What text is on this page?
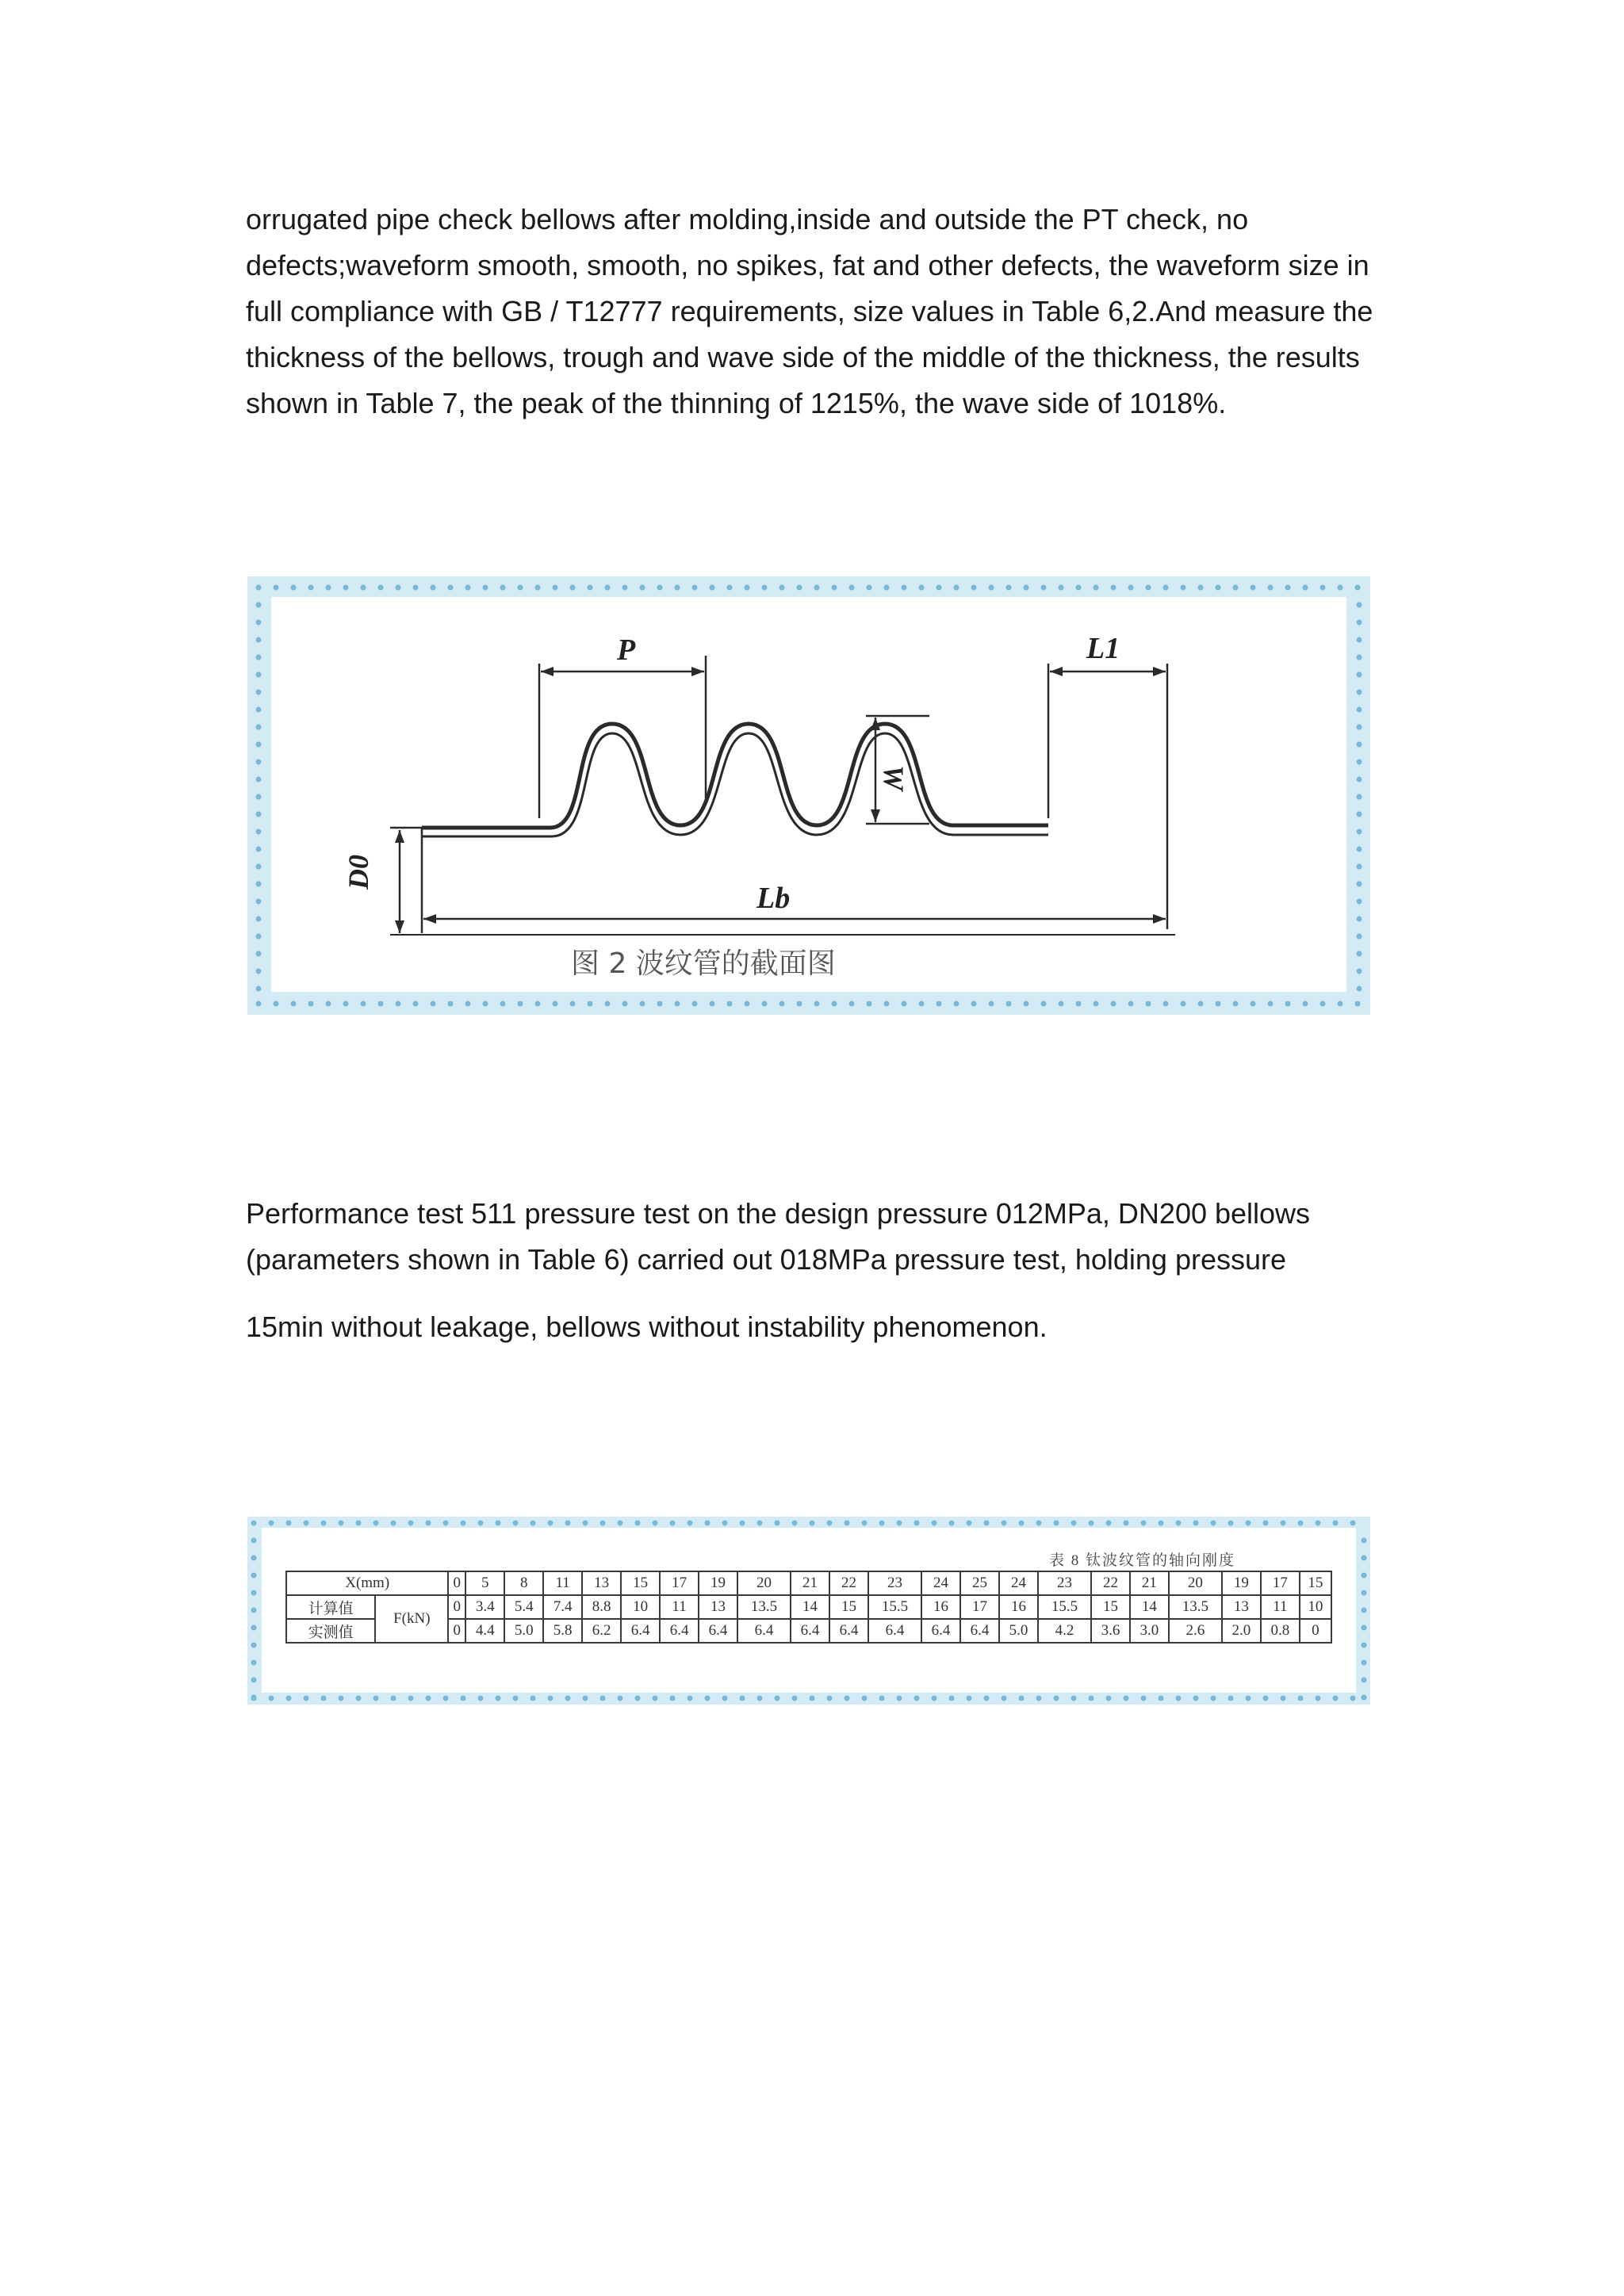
orrugated pipe check bellows after molding,inside and outside the PT check, no defects;waveform smooth, smooth, no spikes, fat and other defects, the waveform size in full compliance with GB / T12777 requirements, size values in Table 6,2.And measure the thickness of the bellows, trough and wave side of the middle of the thickness, the results shown in Table 7, the peak of the thinning of 1215%, the wave side of 1018%.

P	L1
W
D0
Lb
图 2 波纹管的截面图

Performance test 511 pressure test on the design pressure 012MPa, DN200 bellows (parameters shown in Table 6) carried out 018MPa pressure test, holding pressure

15min without leakage, bellows without instability phenomenon.

表 8 钛波纹管的轴向刚度
X(mm)		0	5	8	11	13	15	17	19	20	21	22	23	24	25	24	23	22	21	20	19	17	15
计算值	F(kN)	0	3.4	5.4	7.4	8.8	10	11	13	13.5	14	15	15.5	16	17	16	15.5	15	14	13.5	13	11	10
实测值		0	4.4	5.0	5.8	6.2	6.4	6.4	6.4	6.4	6.4	6.4	6.4	6.4	6.4	5.0	4.2	3.6	3.0	2.6	2.0	0.8	0
